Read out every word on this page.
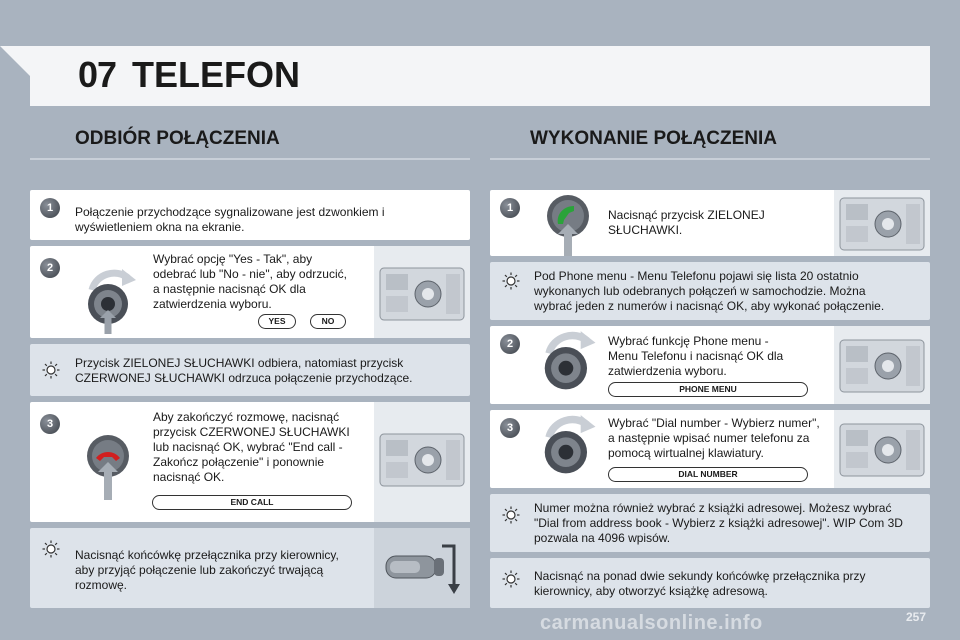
07 TELEFON
ODBIÓR POŁĄCZENIA	WYKONANIE POŁĄCZENIA
1	Połączenie przychodzące sygnalizowane jest dzwonkiem i
wyświetleniem okna na ekranie.
2
Wybrać opcję "Yes - Tak", aby
odebrać lub "No - nie", aby odrzucić,
a następnie nacisnąć OK dla
zatwierdzenia wyboru.
YES	NO
Przycisk ZIELONEJ SŁUCHAWKI odbiera, natomiast przycisk
CZERWONEJ SŁUCHAWKI odrzuca połączenie przychodzące.
3	Aby zakończyć rozmowę, nacisnąć
przycisk CZERWONEJ SŁUCHAWKI
lub nacisnąć OK, wybrać "End call -
Zakończ połączenie" i ponownie
nacisnąć OK.
END CALL
Nacisnąć końcówkę przełącznika przy kierownicy,
aby przyjąć połączenie lub zakończyć trwającą
rozmowę.
1	Nacisnąć przycisk ZIELONEJ
SŁUCHAWKI.
Pod Phone menu - Menu Telefonu pojawi się lista 20 ostatnio
wykonanych lub odebranych połączeń w samochodzie. Można
wybrać jeden z numerów i nacisnąć OK, aby wykonać połączenie.
2	Wybrać funkcję Phone menu -
Menu Telefonu i nacisnąć OK dla
zatwierdzenia wyboru.
PHONE MENU
3	Wybrać "Dial number - Wybierz numer",
a następnie wpisać numer telefonu za
pomocą wirtualnej klawiatury.
DIAL NUMBER
Numer można również wybrać z książki adresowej. Możesz wybrać
"Dial from address book - Wybierz z książki adresowej". WIP Com 3D
pozwala na 4096 wpisów.
Nacisnąć na ponad dwie sekundy końcówkę przełącznika przy
kierownicy, aby otworzyć książkę adresową.
carmanualsonline.info	257
